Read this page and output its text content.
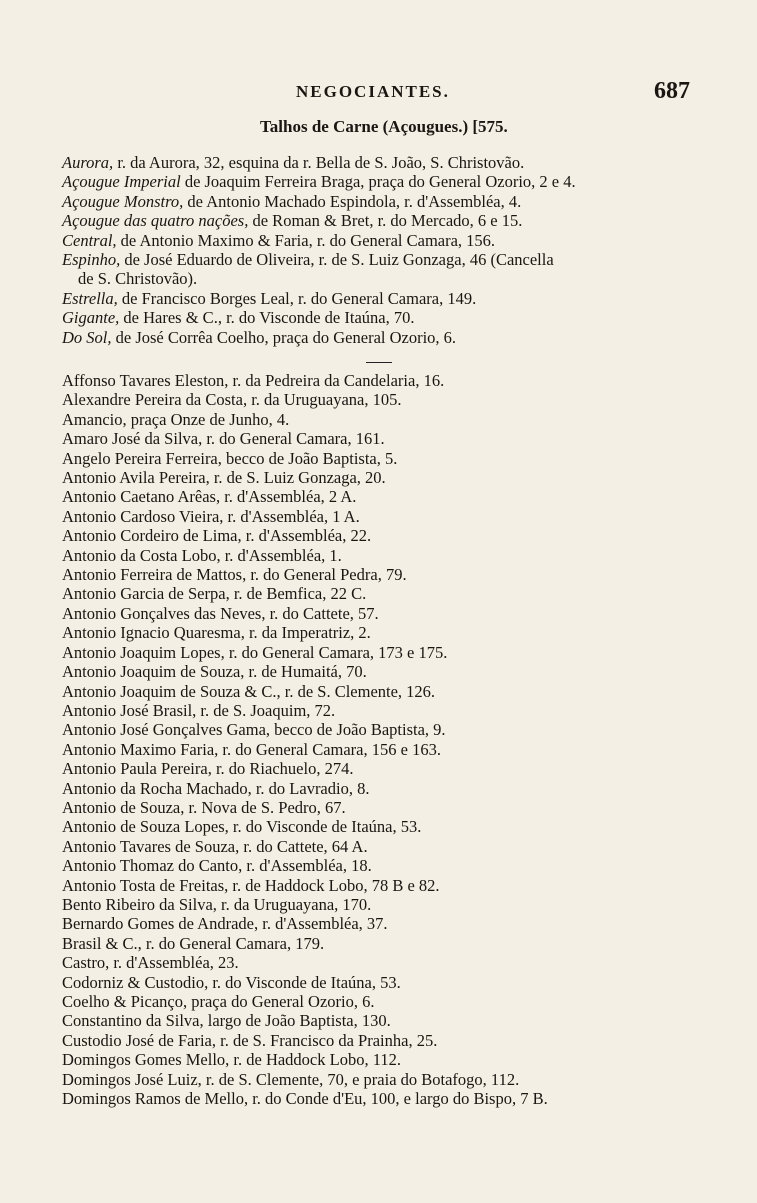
NEGOCIANTES.	687
Talhos de Carne (Açougues.) [575.
Aurora, r. da Aurora, 32, esquina da r. Bella de S. João, S. Christovão.
Açougue Imperial de Joaquim Ferreira Braga, praça do General Ozorio, 2 e 4.
Açougue Monstro, de Antonio Machado Espindola, r. d'Assembléa, 4.
Açougue das quatro nações, de Roman & Bret, r. do Mercado, 6 e 15.
Central, de Antonio Maximo & Faria, r. do General Camara, 156.
Espinho, de José Eduardo de Oliveira, r. de S. Luiz Gonzaga, 46 (Cancella
de S. Christovão).
Estrella, de Francisco Borges Leal, r. do General Camara, 149.
Gigante, de Hares & C., r. do Visconde de Itaúna, 70.
Do Sol, de José Corrêa Coelho, praça do General Ozorio, 6.
Affonso Tavares Eleston, r. da Pedreira da Candelaria, 16.
Alexandre Pereira da Costa, r. da Uruguayana, 105.
Amancio, praça Onze de Junho, 4.
Amaro José da Silva, r. do General Camara, 161.
Angelo Pereira Ferreira, becco de João Baptista, 5.
Antonio Avila Pereira, r. de S. Luiz Gonzaga, 20.
Antonio Caetano Arêas, r. d'Assembléa, 2 A.
Antonio Cardoso Vieira, r. d'Assembléa, 1 A.
Antonio Cordeiro de Lima, r. d'Assembléa, 22.
Antonio da Costa Lobo, r. d'Assembléa, 1.
Antonio Ferreira de Mattos, r. do General Pedra, 79.
Antonio Garcia de Serpa, r. de Bemfica, 22 C.
Antonio Gonçalves das Neves, r. do Cattete, 57.
Antonio Ignacio Quaresma, r. da Imperatriz, 2.
Antonio Joaquim Lopes, r. do General Camara, 173 e 175.
Antonio Joaquim de Souza, r. de Humaitá, 70.
Antonio Joaquim de Souza & C., r. de S. Clemente, 126.
Antonio José Brasil, r. de S. Joaquim, 72.
Antonio José Gonçalves Gama, becco de João Baptista, 9.
Antonio Maximo Faria, r. do General Camara, 156 e 163.
Antonio Paula Pereira, r. do Riachuelo, 274.
Antonio da Rocha Machado, r. do Lavradio, 8.
Antonio de Souza, r. Nova de S. Pedro, 67.
Antonio de Souza Lopes, r. do Visconde de Itaúna, 53.
Antonio Tavares de Souza, r. do Cattete, 64 A.
Antonio Thomaz do Canto, r. d'Assembléa, 18.
Antonio Tosta de Freitas, r. de Haddock Lobo, 78 B e 82.
Bento Ribeiro da Silva, r. da Uruguayana, 170.
Bernardo Gomes de Andrade, r. d'Assembléa, 37.
Brasil & C., r. do General Camara, 179.
Castro, r. d'Assembléa, 23.
Codorniz & Custodio, r. do Visconde de Itaúna, 53.
Coelho & Picanço, praça do General Ozorio, 6.
Constantino da Silva, largo de João Baptista, 130.
Custodio José de Faria, r. de S. Francisco da Prainha, 25.
Domingos Gomes Mello, r. de Haddock Lobo, 112.
Domingos José Luiz, r. de S. Clemente, 70, e praia do Botafogo, 112.
Domingos Ramos de Mello, r. do Conde d'Eu, 100, e largo do Bispo, 7 B.
